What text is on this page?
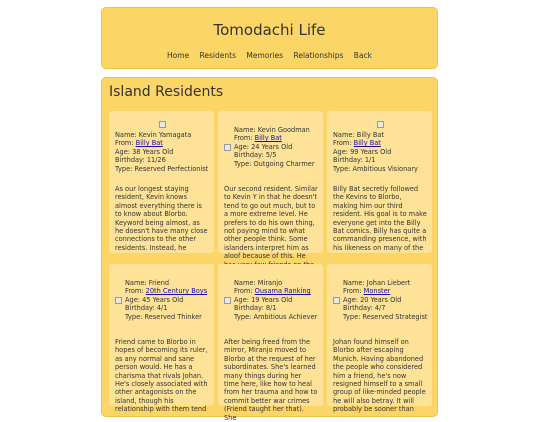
Tomodachi Life
Home Residents Memories Relationships Back
Island Residents
Name: Kevin Yamagata
From: Billy Bat
Age: 38 Years Old
Birthday: 11/26
Type: Reserved Perfectionist
As our longest staying resident, Kevin knows almost everything there is to know about Blorbo. Keyword being almost, as he doesn't have many close connections to the other residents. Instead, he
Name: Kevin Goodman
From: Billy Bat
Age: 24 Years Old
Birthday: 5/5
Type: Outgoing Charmer
Our second resident. Similar to Kevin Y in that he doesn't tend to go out much, but to a more extreme level. He prefers to do his own thing, not paying mind to what other people think. Some islanders interpret him as aloof because of this. He
Name: Billy Bat
From: Billy Bat
Age: 99 Years Old
Birthday: 1/1
Type: Ambitious Visionary
Billy Bat secretly followed the Kevins to Blorbo, making him our third resident. His goal is to make everyone get into the Billy Bat comics. Billy has quite a commanding presence, with his likeness on many of the
Name: Friend
From: 20th Century Boys
Age: 45 Years Old
Birthday: 4/1
Type: Reserved Thinker
Friend came to Blorbo in hopes of becoming its ruler, as any normal and sane person would. He has a charisma that rivals Johan. He's closely associated with other antagonists on the island, though his relationship with them tend
Name: Miranjo
From: Ousama Ranking
Age: 19 Years Old
Birthday: 8/1
Type: Ambitious Achiever
After being freed from the mirror, Miranjo moved to Blorbo at the request of her subordinates. She's learned many things during her time here, like how to heal from her trauma and how to commit better war crimes (Friend taught her that). She
Name: Johan Liebert
From: Monster
Age: 20 Years Old
Birthday: 4/7
Type: Reserved Strategist
Johan found himself on Blorbo after escaping Munich. Having abandoned the people who considered him a friend, he's now resigned himself to a small group of like-minded people he will also betray. It will probably be sooner than
